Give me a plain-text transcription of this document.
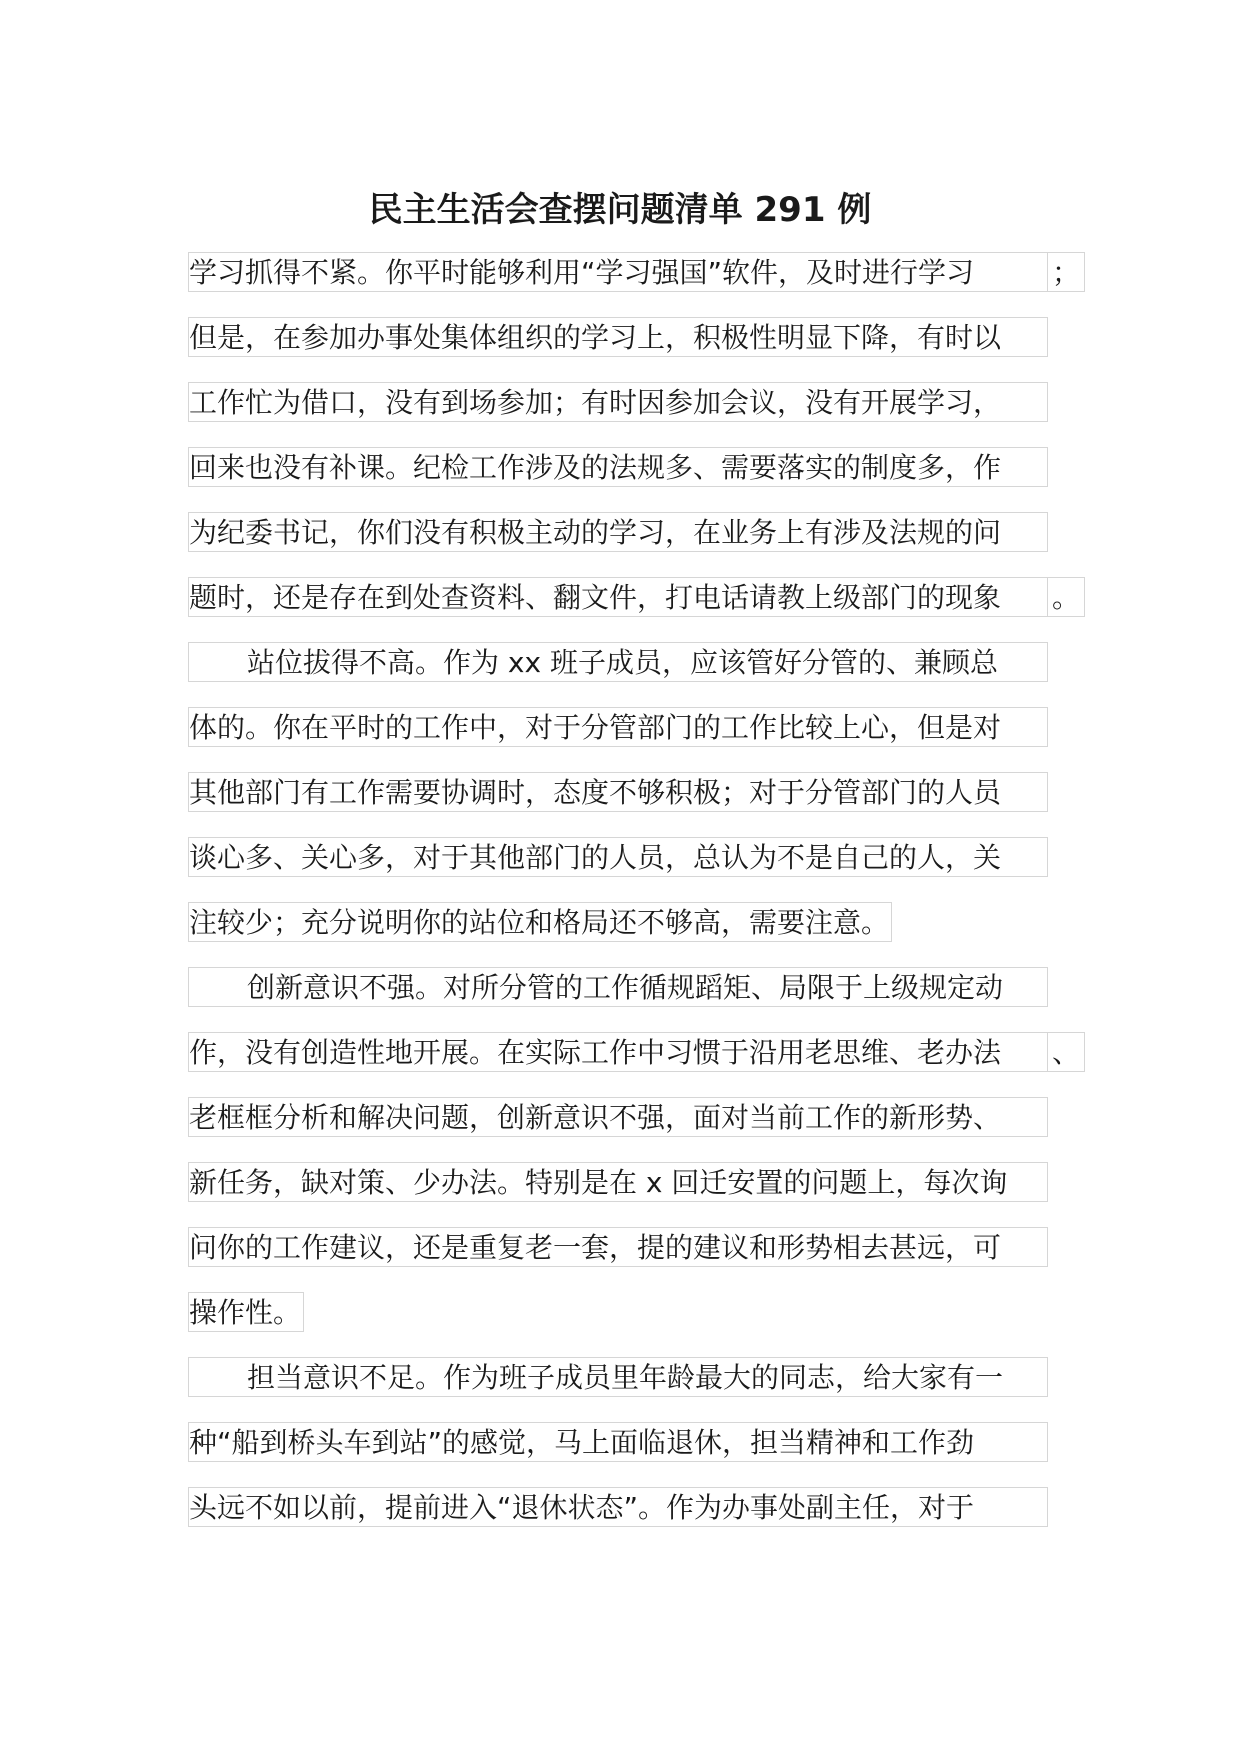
民主生活会查摆问题清单 291 例
学习抓得不紧。你平时能够利用“学习强国”软件，及时进行学习	；
但是，在参加办事处集体组织的学习上，积极性明显下降，有时以
工作忙为借口，没有到场参加；有时因参加会议，没有开展学习，
回来也没有补课。纪检工作涉及的法规多、需要落实的制度多，作
为纪委书记，你们没有积极主动的学习，在业务上有涉及法规的问
题时，还是存在到处查资料、翻文件，打电话请教上级部门的现象 。
站位拔得不高。作为 xx 班子成员，应该管好分管的、兼顾总
体的。你在平时的工作中，对于分管部门的工作比较上心，但是对
其他部门有工作需要协调时，态度不够积极；对于分管部门的人员
谈心多、关心多，对于其他部门的人员，总认为不是自己的人，关
注较少；充分说明你的站位和格局还不够高，需要注意。
创新意识不强。对所分管的工作循规蹈矩、局限于上级规定动
作，没有创造性地开展。在实际工作中习惯于沿用老思维、老办法 、
老框框分析和解决问题，创新意识不强，面对当前工作的新形势、
新任务，缺对策、少办法。特别是在 x 回迁安置的问题上，每次询
问你的工作建议，还是重复老一套，提的建议和形势相去甚远，可
操作性。
担当意识不足。作为班子成员里年龄最大的同志，给大家有一
种“船到桥头车到站”的感觉，马上面临退休，担当精神和工作劲
头远不如以前，提前进入“退休状态”。作为办事处副主任，对于
